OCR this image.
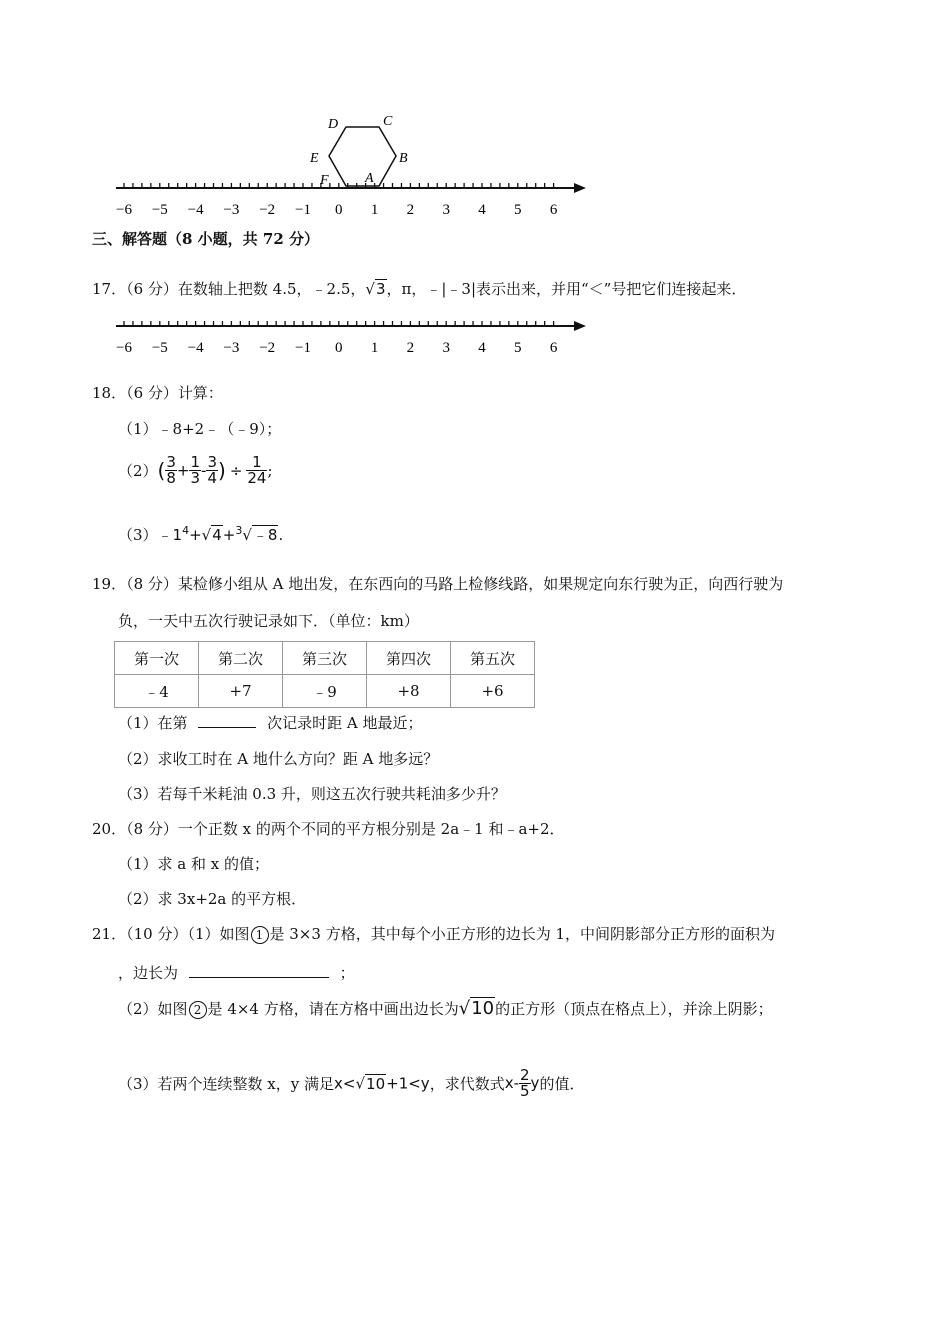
−6 −5 −4 −3 −2 −1 0 1 2 3 4 5 6
D	C
E	B
F	A
三、解答题（8 小题，共 72 分）
17．（6 分）在数轴上把数 4.5，﹣2.5，√3，π，﹣|﹣3|表示出来，并用“＜”号把它们连接起来．
−6 −5 −4 −3 −2 −1 0 1 2 3 4 5 6
18．（6 分）计算：
（1）﹣8+2﹣（﹣9）；
$(2)( \frac{3}{8} + \frac{1}{3} - \frac{3}{4}$ ) ÷ $\frac{1}{24}$ ;
$(3)﹣1^4+√4+^3√﹣8$.
19．（8 分）某检修小组从 A 地出发，在东西向的马路上检修线路，如果规定向东行驶为正，向西行驶为
负，一天中五次行驶记录如下．（单位：km）
第一次	第二次	第三次	第四次	第五次
﹣4	+7	﹣9	+8	+6
（1）在第	次记录时距 A 地最近；
（2）求收工时在 A 地什么方向？距 A 地多远？
（3）若每千米耗油 0.3 升，则这五次行驶共耗油多少升？
20．（8 分）一个正数 x 的两个不同的平方根分别是 2a﹣1 和﹣a+2．
（1）求 a 和 x 的值；
（2）求 3x+2a 的平方根．
21．（10 分）（1）如图 1 是 3×3 方格，其中每个小正方形的边长为 1，中间阴影部分正方形的面积为
，边长为	；
（2）如图 2 是 4×4 方格，请在方格中画出边长为√10的正方形（顶点在格点上），并涂上阴影；
（3）若两个连续整数 x，y 满足x<√10+1<y，求代数式$x- \frac{2}{5}$ y的值．
